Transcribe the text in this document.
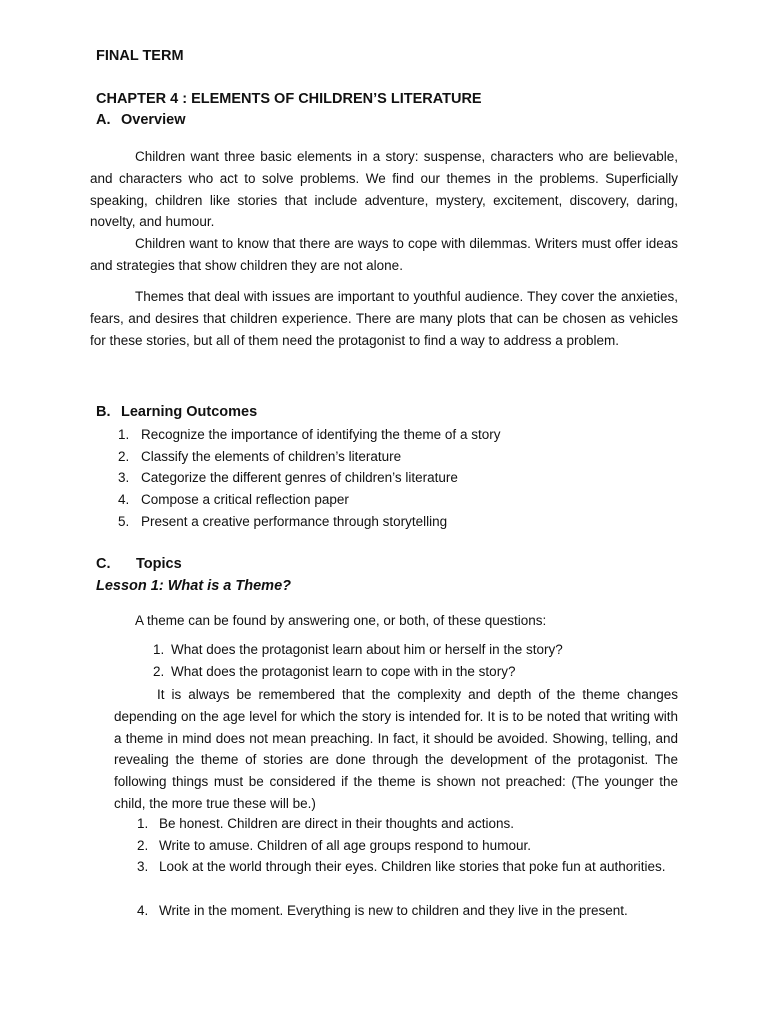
FINAL TERM
CHAPTER 4 : ELEMENTS OF CHILDREN’S LITERATURE
A. Overview

Children want three basic elements in a story: suspense, characters who are believable, and characters who act to solve problems. We find our themes in the problems. Superficially speaking, children like stories that include adventure, mystery, excitement, discovery, daring, novelty, and humour.

Children want to know that there are ways to cope with dilemmas. Writers must offer ideas and strategies that show children they are not alone.

Themes that deal with issues are important to youthful audience. They cover the anxieties, fears, and desires that children experience. There are many plots that can be chosen as vehicles for these stories, but all of them need the protagonist to find a way to address a problem.

B. Learning Outcomes
1. Recognize the importance of identifying the theme of a story
2. Classify the elements of children’s literature
3. Categorize the different genres of children’s literature
4. Compose a critical reflection paper
5. Present a creative performance through storytelling
C. Topics
Lesson 1: What is a Theme?
A theme can be found by answering one, or both, of these questions:
1. What does the protagonist learn about him or herself in the story?
2. What does the protagonist learn to cope with in the story?

It is always be remembered that the complexity and depth of the theme changes depending on the age level for which the story is intended for. It is to be noted that writing with a theme in mind does not mean preaching. In fact, it should be avoided. Showing, telling, and revealing the theme of stories are done through the development of the protagonist. The following things must be considered if the theme is shown not preached: (The younger the child, the more true these will be.)

1. Be honest. Children are direct in their thoughts and actions.
2. Write to amuse. Children of all age groups respond to humour.
3. Look at the world through their eyes. Children like stories that poke fun at authorities.
4. Write in the moment. Everything is new to children and they live in the present.
